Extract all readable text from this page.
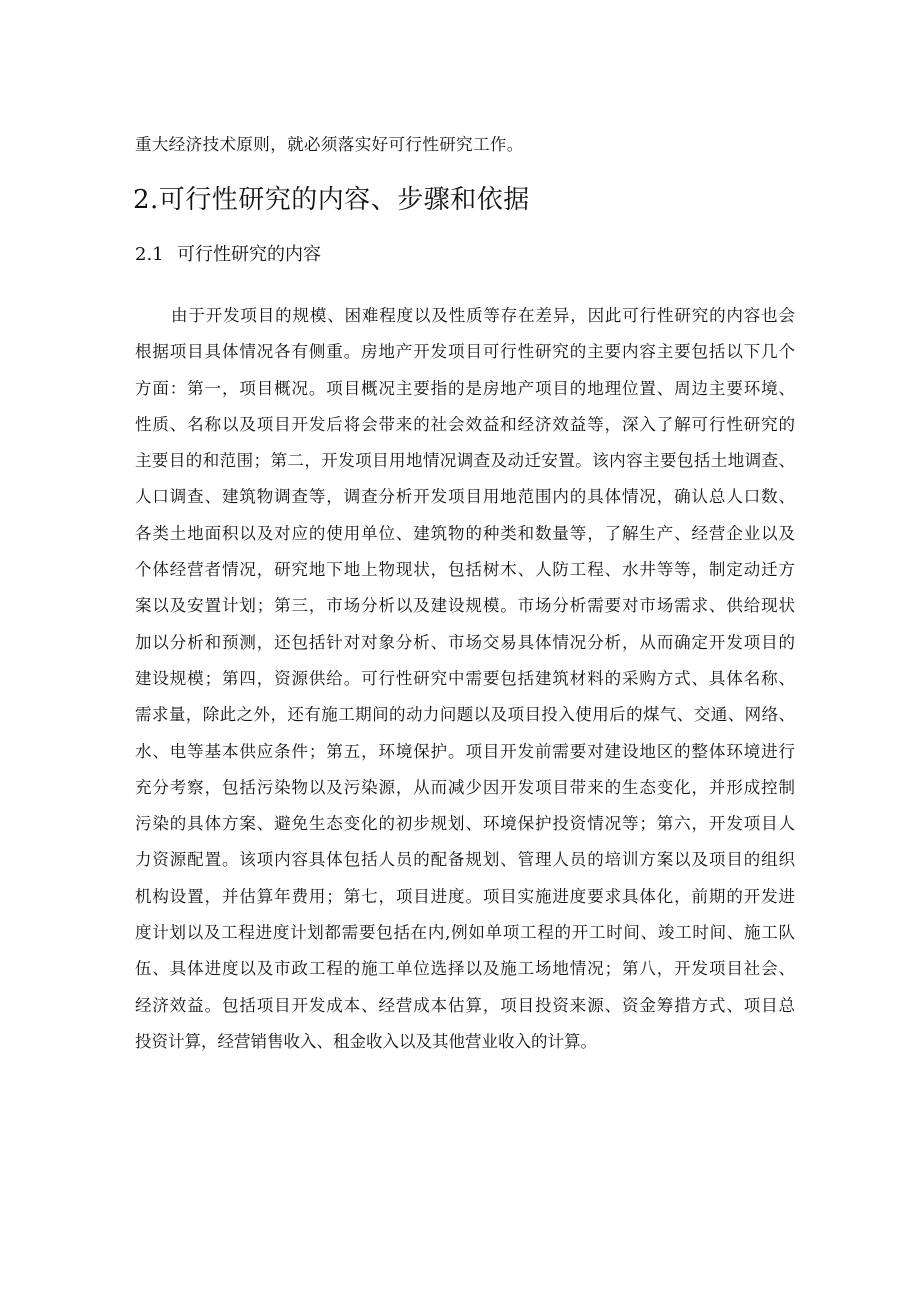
重大经济技术原则，就必须落实好可行性研究工作。
2.可行性研究的内容、步骤和依据
2.1 可行性研究的内容
由于开发项目的规模、困难程度以及性质等存在差异，因此可行性研究的内容也会
根据项目具体情况各有侧重。房地产开发项目可行性研究的主要内容主要包括以下几个
方面：第一，项目概况。项目概况主要指的是房地产项目的地理位置、周边主要环境、
性质、名称以及项目开发后将会带来的社会效益和经济效益等，深入了解可行性研究的
主要目的和范围；第二，开发项目用地情况调查及动迁安置。该内容主要包括土地调查、
人口调查、建筑物调查等，调查分析开发项目用地范围内的具体情况，确认总人口数、
各类土地面积以及对应的使用单位、建筑物的种类和数量等，了解生产、经营企业以及
个体经营者情况，研究地下地上物现状，包括树木、人防工程、水井等等，制定动迁方
案以及安置计划；第三，市场分析以及建设规模。市场分析需要对市场需求、供给现状
加以分析和预测，还包括针对对象分析、市场交易具体情况分析，从而确定开发项目的
建设规模；第四，资源供给。可行性研究中需要包括建筑材料的采购方式、具体名称、
需求量，除此之外，还有施工期间的动力问题以及项目投入使用后的煤气、交通、网络、
水、电等基本供应条件；第五，环境保护。项目开发前需要对建设地区的整体环境进行
充分考察，包括污染物以及污染源，从而减少因开发项目带来的生态变化，并形成控制
污染的具体方案、避免生态变化的初步规划、环境保护投资情况等；第六，开发项目人
力资源配置。该项内容具体包括人员的配备规划、管理人员的培训方案以及项目的组织
机构设置，并估算年费用；第七，项目进度。项目实施进度要求具体化，前期的开发进
度计划以及工程进度计划都需要包括在内,例如单项工程的开工时间、竣工时间、施工队
伍、具体进度以及市政工程的施工单位选择以及施工场地情况；第八，开发项目社会、
经济效益。包括项目开发成本、经营成本估算，项目投资来源、资金筹措方式、项目总
投资计算，经营销售收入、租金收入以及其他营业收入的计算。
